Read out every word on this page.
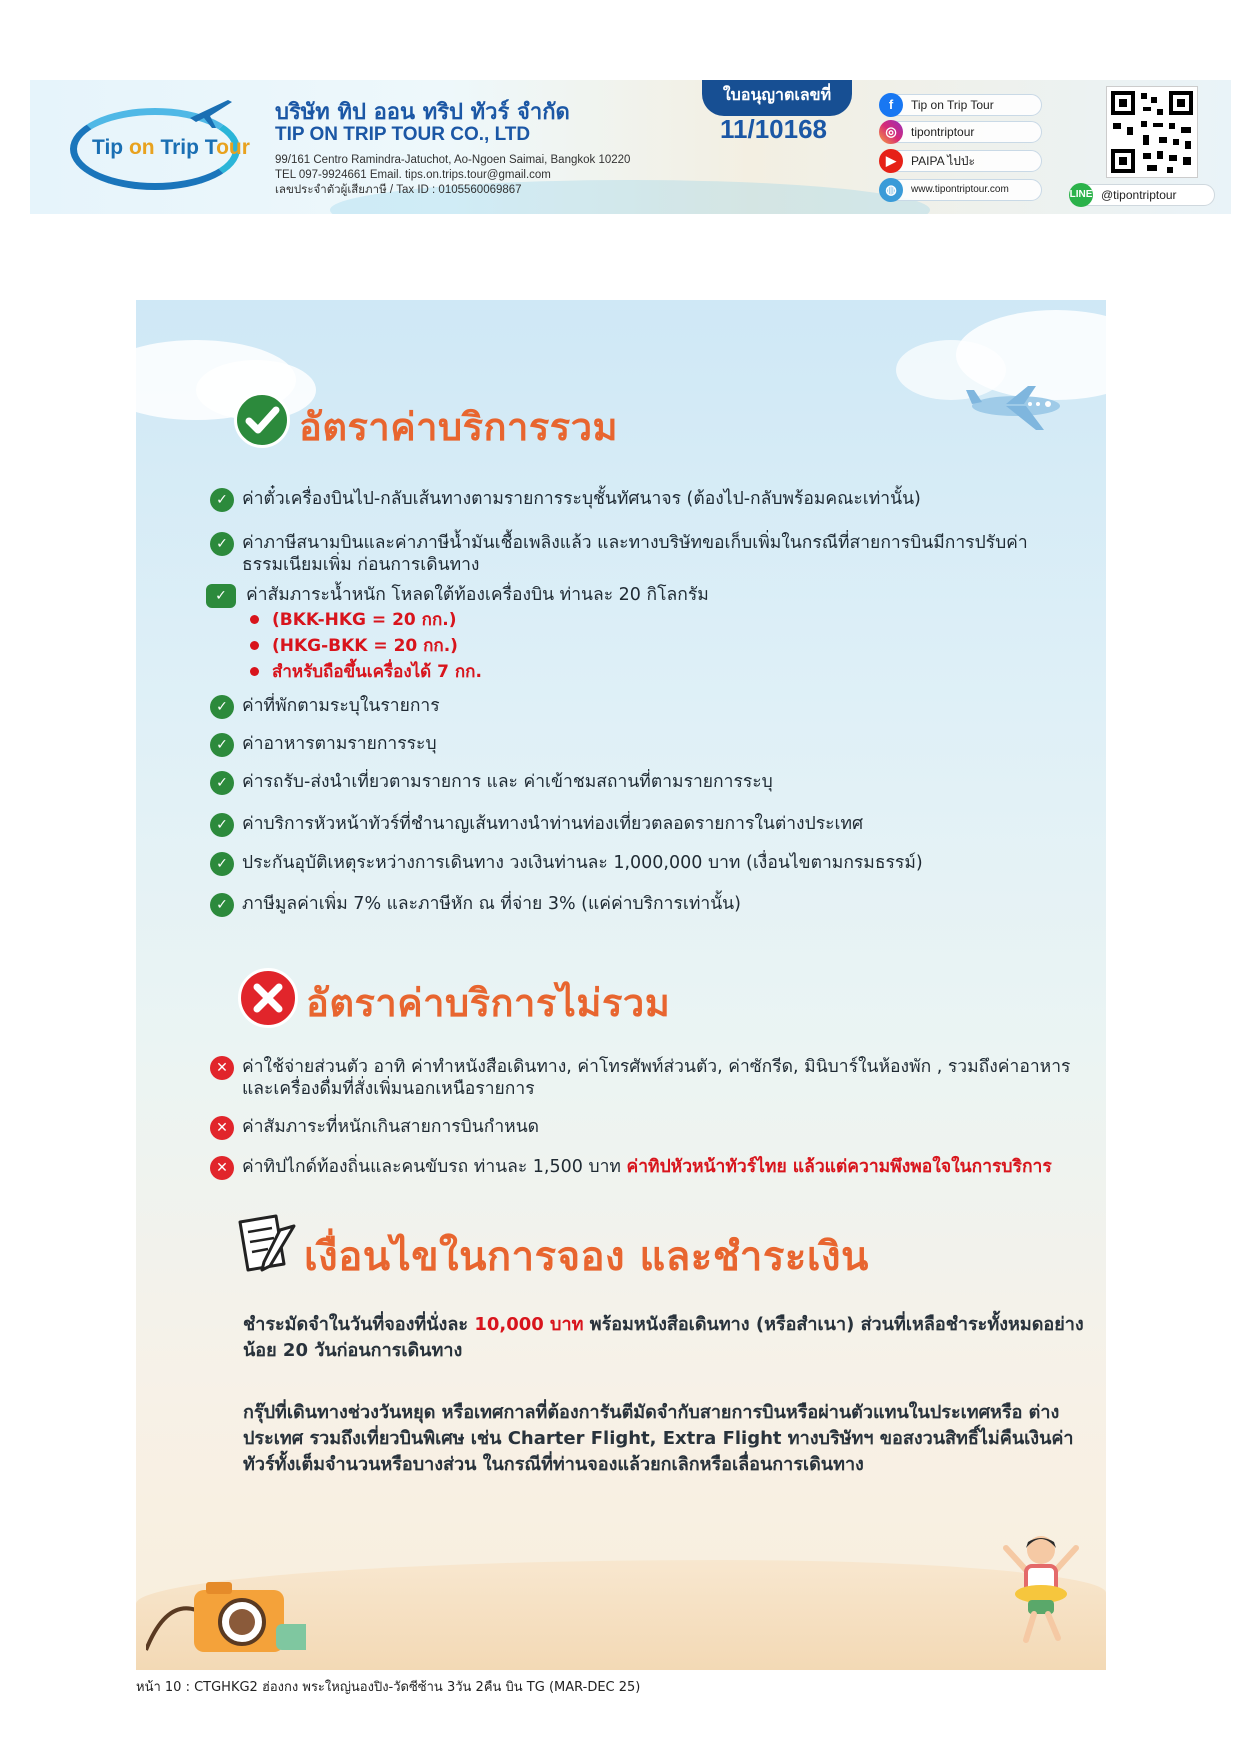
Tip on Trip Tour
บริษัท ทิป ออน ทริป ทัวร์ จำกัด
TIP ON TRIP TOUR CO., LTD
99/161 Centro Ramindra-Jatuchot, Ao-Ngoen Saimai, Bangkok 10220
TEL 097-9924661 Email. tips.on.trips.tour@gmail.com
เลขประจำตัวผู้เสียภาษี / Tax ID : 0105560069867
ใบอนุญาตเลขที่
11/10168
f	Tip on Trip Tour
◎	tipontriptour
▶	PAIPA ไปป่ะ
◍	www.tipontriptour.com	LINE @tipontriptour
อัตราค่าบริการรวม
✓ ค่าตั๋วเครื่องบินไป-กลับเส้นทางตามรายการระบุชั้นทัศนาจร (ต้องไป-กลับพร้อมคณะเท่านั้น)
✓ ค่าภาษีสนามบินและค่าภาษีน้ำมันเชื้อเพลิงแล้ว และทางบริษัทขอเก็บเพิ่มในกรณีที่สายการบินมีการปรับค่าธรรมเนียมเพิ่ม ก่อนการเดินทาง
✓	ค่าสัมภาระน้ำหนัก โหลดใต้ท้องเครื่องบิน ท่านละ 20 กิโลกรัม
(BKK-HKG = 20 กก.)
(HKG-BKK = 20 กก.)
สำหรับถือขึ้นเครื่องได้ 7 กก.
✓ ค่าที่พักตามระบุในรายการ
✓ ค่าอาหารตามรายการระบุ
✓ ค่ารถรับ-ส่งนำเที่ยวตามรายการ และ ค่าเข้าชมสถานที่ตามรายการระบุ
✓ ค่าบริการหัวหน้าทัวร์ที่ชำนาญเส้นทางนำท่านท่องเที่ยวตลอดรายการในต่างประเทศ
✓ ประกันอุบัติเหตุระหว่างการเดินทาง วงเงินท่านละ 1,000,000 บาท (เงื่อนไขตามกรมธรรม์)
✓ ภาษีมูลค่าเพิ่ม 7% และภาษีหัก ณ ที่จ่าย 3% (แค่ค่าบริการเท่านั้น)
อัตราค่าบริการไม่รวม
✕ ค่าใช้จ่ายส่วนตัว อาทิ ค่าทำหนังสือเดินทาง, ค่าโทรศัพท์ส่วนตัว, ค่าซักรีด, มินิบาร์ในห้องพัก , รวมถึงค่าอาหารและเครื่องดื่มที่สั่งเพิ่มนอกเหนือรายการ
✕ ค่าสัมภาระที่หนักเกินสายการบินกำหนด
✕ ค่าทิปไกด์ท้องถิ่นและคนขับรถ ท่านละ 1,500 บาท ค่าทิปหัวหน้าทัวร์ไทย แล้วแต่ความพึงพอใจในการบริการ
เงื่อนไขในการจอง และชำระเงิน
ชำระมัดจำในวันที่จองที่นั่งละ 10,000 บาท พร้อมหนังสือเดินทาง (หรือสำเนา) ส่วนที่เหลือชำระทั้งหมดอย่างน้อย 20 วันก่อนการเดินทาง
กรุ๊ปที่เดินทางช่วงวันหยุด หรือเทศกาลที่ต้องการันตีมัดจำกับสายการบินหรือผ่านตัวแทนในประเทศหรือ ต่างประเทศ รวมถึงเที่ยวบินพิเศษ เช่น Charter Flight, Extra Flight ทางบริษัทฯ ขอสงวนสิทธิ์ไม่คืนเงินค่าทัวร์ทั้งเต็มจำนวนหรือบางส่วน ในกรณีที่ท่านจองแล้วยกเลิกหรือเลื่อนการเดินทาง
หน้า 10 : CTGHKG2 ฮ่องกง พระใหญ่นองปิง-วัดซีซ้าน 3วัน 2คืน บิน TG (MAR-DEC 25)
